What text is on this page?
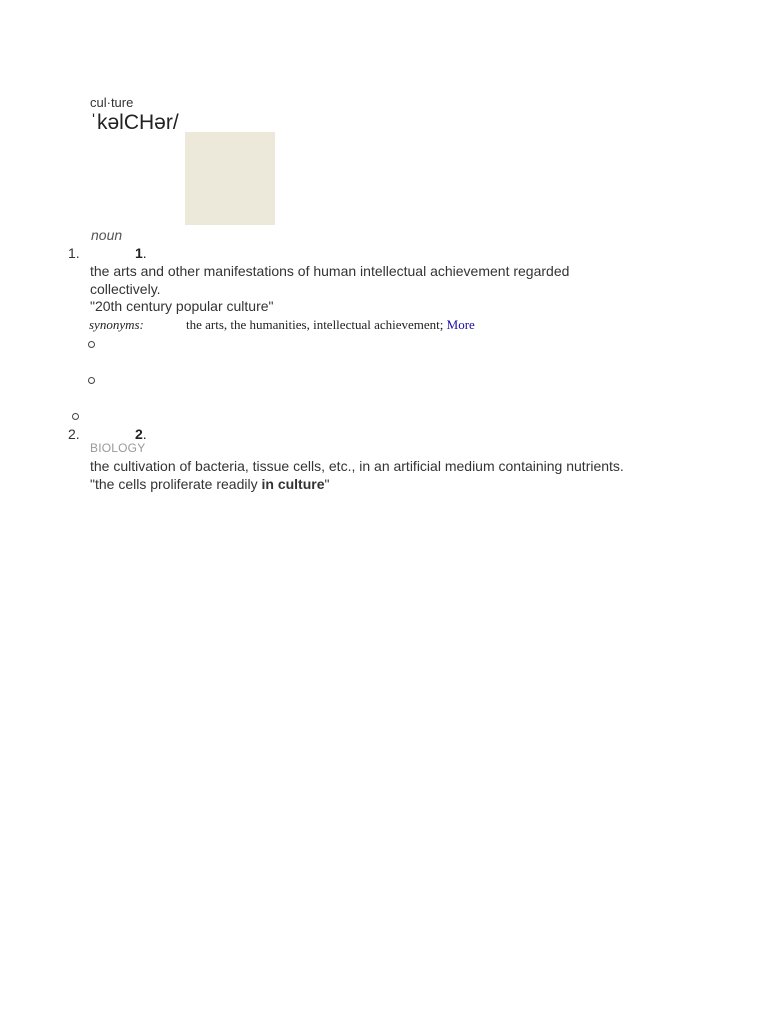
cul·ture
ˈkəlCHər/
noun
1.	1.
the arts and other manifestations of human intellectual achievement regarded
collectively.
"20th century popular culture"
synonyms:	the arts, the humanities, intellectual achievement; More
2.	2.
BIOLOGY
the cultivation of bacteria, tissue cells, etc., in an artificial medium containing nutrients.
"the cells proliferate readily in culture"
